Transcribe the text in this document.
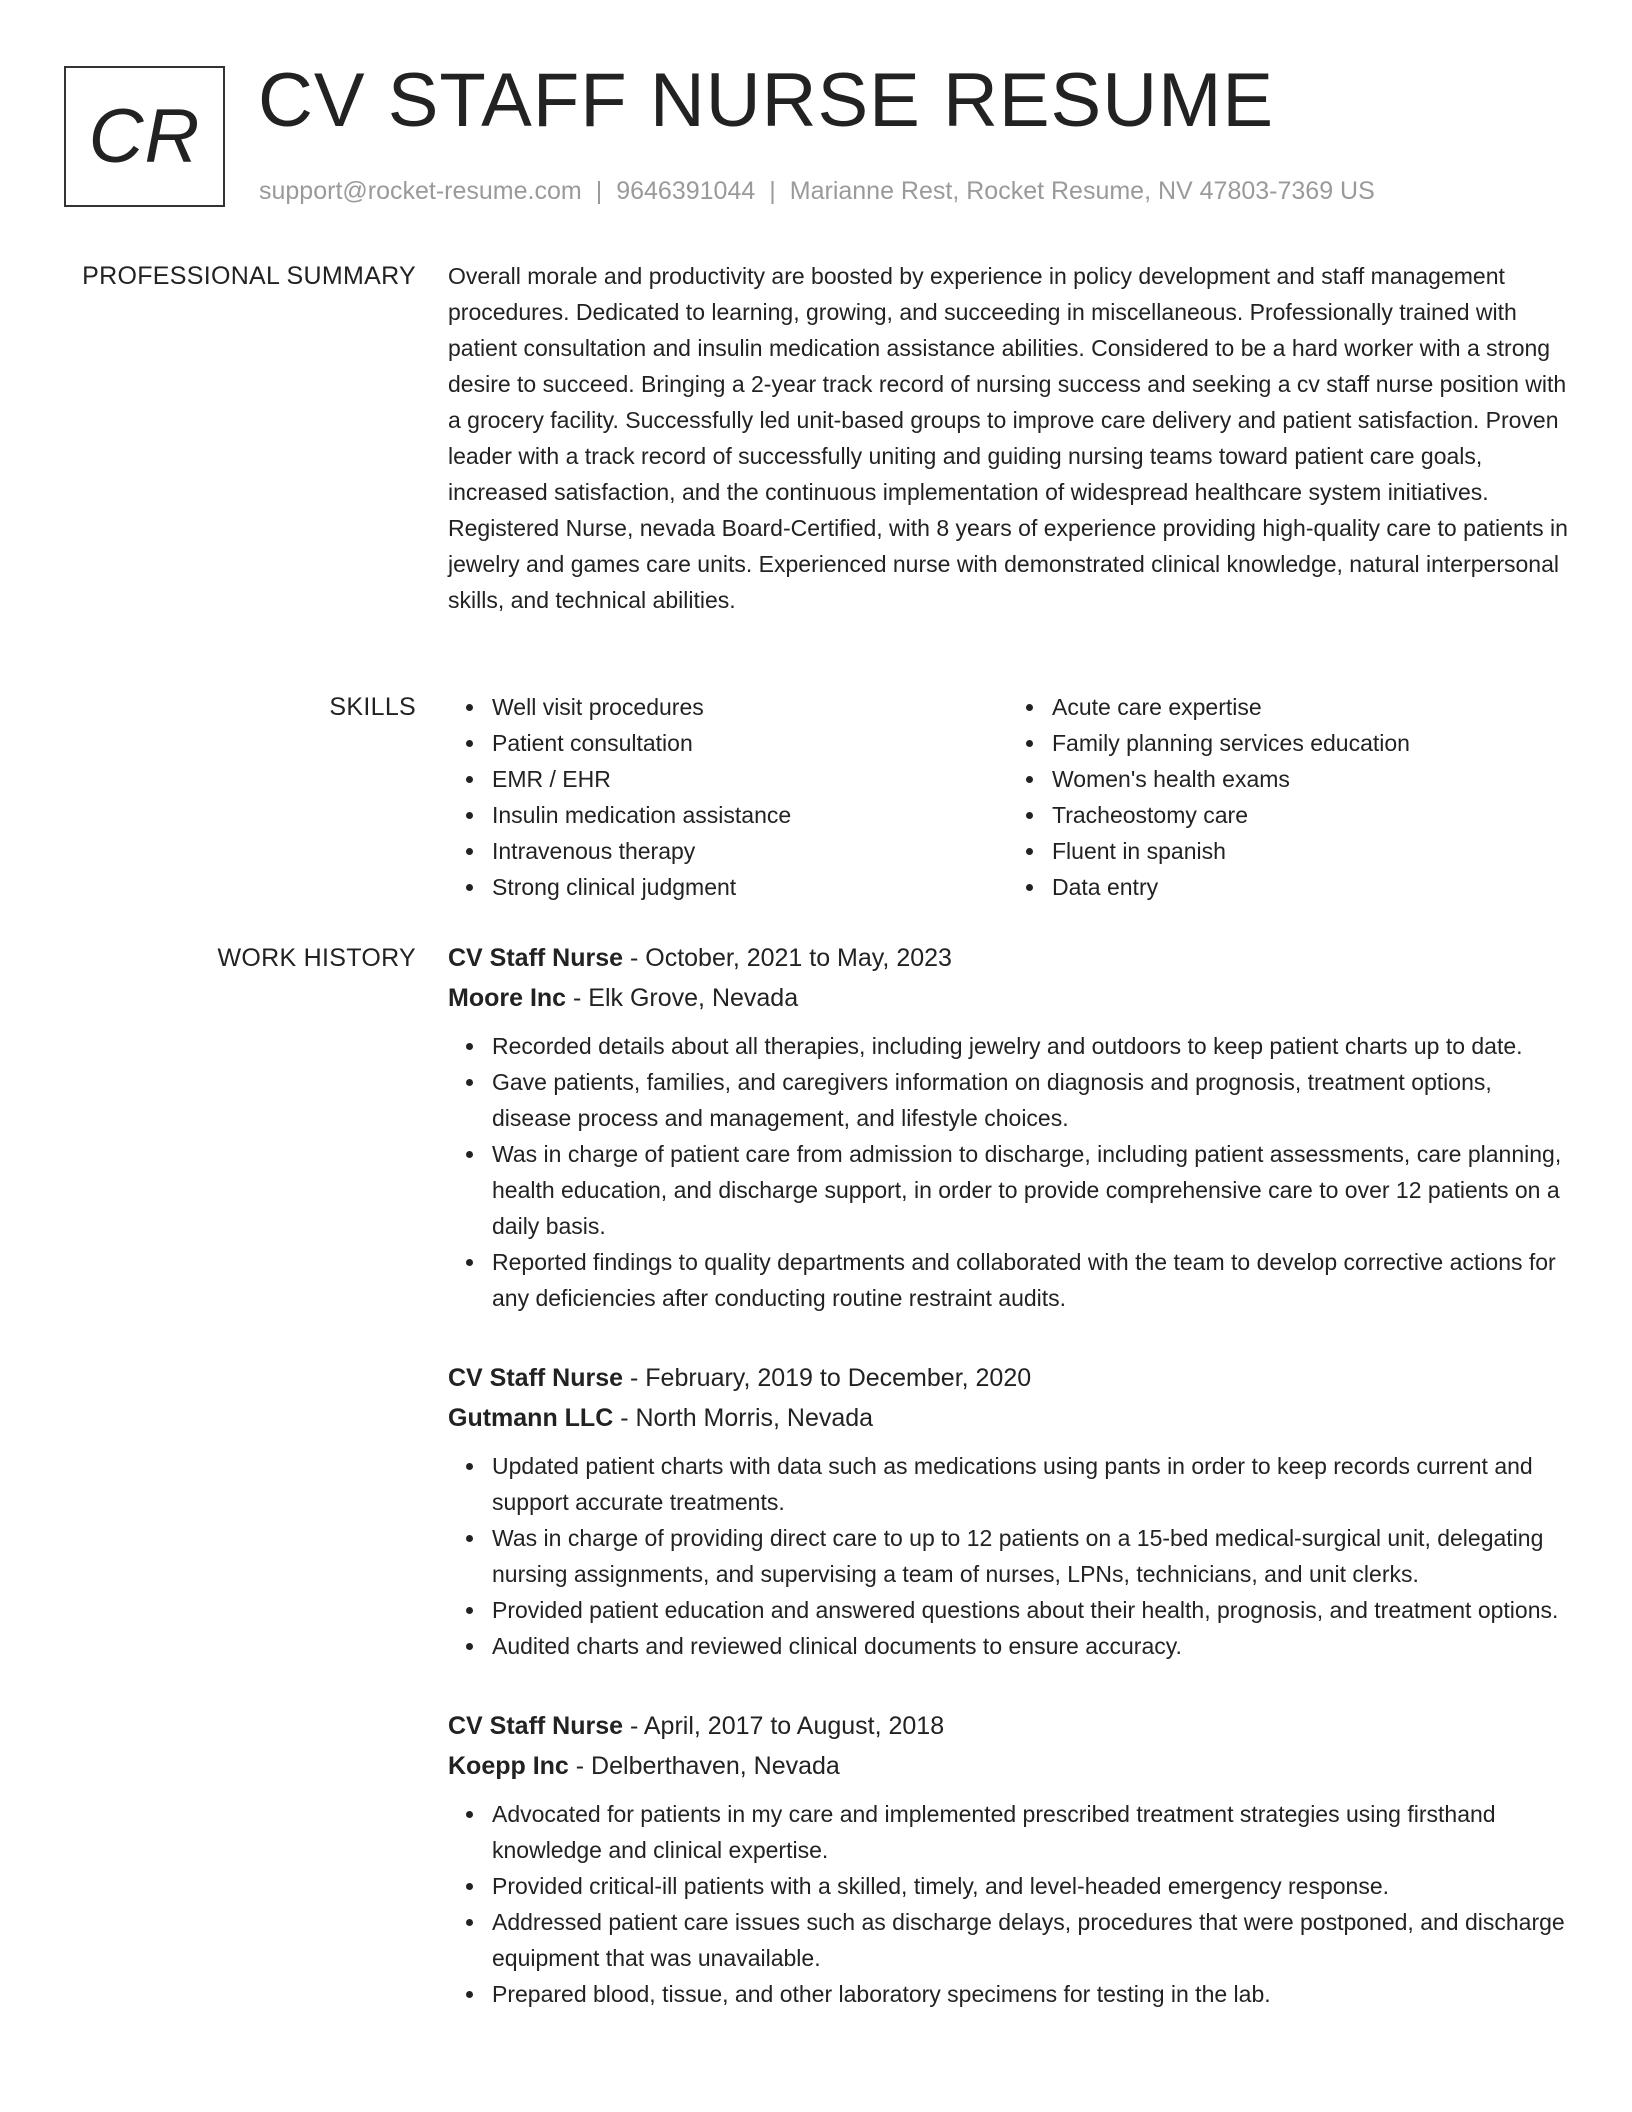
CR CV STAFF NURSE RESUME
support@rocket-resume.com | 9646391044 | Marianne Rest, Rocket Resume, NV 47803-7369 US
PROFESSIONAL SUMMARY Overall morale and productivity are boosted by experience in policy development and staff management procedures. Dedicated to learning, growing, and succeeding in miscellaneous. Professionally trained with patient consultation and insulin medication assistance abilities. Considered to be a hard worker with a strong desire to succeed. Bringing a 2-year track record of nursing success and seeking a cv staff nurse position with a grocery facility. Successfully led unit-based groups to improve care delivery and patient satisfaction. Proven leader with a track record of successfully uniting and guiding nursing teams toward patient care goals, increased satisfaction, and the continuous implementation of widespread healthcare system initiatives. Registered Nurse, nevada Board-Certified, with 8 years of experience providing high-quality care to patients in jewelry and games care units. Experienced nurse with demonstrated clinical knowledge, natural interpersonal skills, and technical abilities.

SKILLS	Well visit procedures
Patient consultation
EMR / EHR
Insulin medication assistance
Intravenous therapy
Strong clinical judgment
Acute care expertise
Family planning services education
Women's health exams
Tracheostomy care
Fluent in spanish
Data entry
WORK HISTORY CV Staff Nurse - October, 2021 to May, 2023
Moore Inc - Elk Grove, Nevada
Recorded details about all therapies, including jewelry and outdoors to keep patient charts up to date.
Gave patients, families, and caregivers information on diagnosis and prognosis, treatment options, disease process and management, and lifestyle choices.
Was in charge of patient care from admission to discharge, including patient assessments, care planning, health education, and discharge support, in order to provide comprehensive care to over 12 patients on a daily basis.
Reported findings to quality departments and collaborated with the team to develop corrective actions for any deficiencies after conducting routine restraint audits.
CV Staff Nurse - February, 2019 to December, 2020
Gutmann LLC - North Morris, Nevada
Updated patient charts with data such as medications using pants in order to keep records current and support accurate treatments.
Was in charge of providing direct care to up to 12 patients on a 15-bed medical-surgical unit, delegating nursing assignments, and supervising a team of nurses, LPNs, technicians, and unit clerks.
Provided patient education and answered questions about their health, prognosis, and treatment options.
Audited charts and reviewed clinical documents to ensure accuracy.
CV Staff Nurse - April, 2017 to August, 2018
Koepp Inc - Delberthaven, Nevada
Advocated for patients in my care and implemented prescribed treatment strategies using firsthand knowledge and clinical expertise.
Provided critical-ill patients with a skilled, timely, and level-headed emergency response.
Addressed patient care issues such as discharge delays, procedures that were postponed, and discharge equipment that was unavailable.
Prepared blood, tissue, and other laboratory specimens for testing in the lab.
